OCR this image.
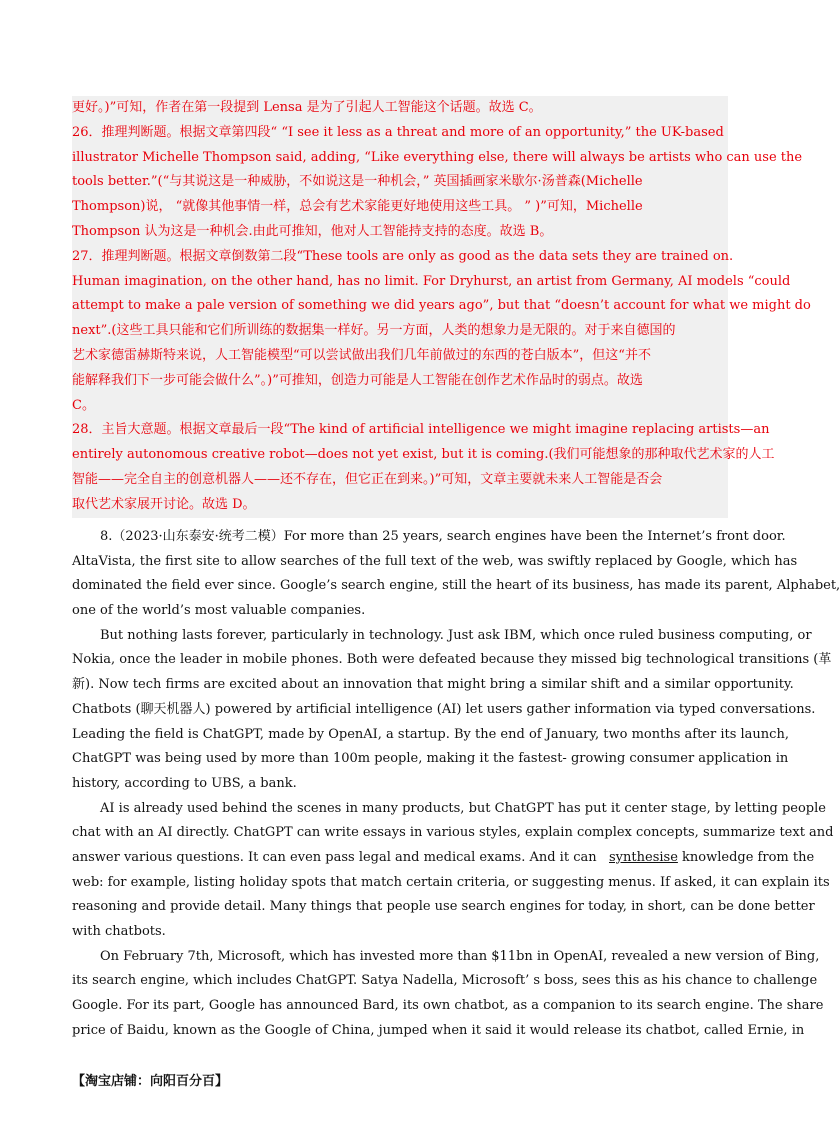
更好。)”可知，作者在第一段提到 Lensa 是为了引起人工智能这个话题。故选 C。
26．推理判断题。根据文章第四段“ “I see it less as a threat and more of an opportunity,” the UK-based
illustrator Michelle Thompson said, adding, “Like everything else, there will always be artists who can use the
tools better.”(“与其说这是一种威胁，不如说这是一种机会，” 英国插画家米歇尔·汤普森(Michelle
Thompson)说， “就像其他事情一样，总会有艺术家能更好地使用这些工具。 ” )”可知，Michelle
Thompson 认为这是一种机会.由此可推知，他对人工智能持支持的态度。故选 B。
27．推理判断题。根据文章倒数第二段“These tools are only as good as the data sets they are trained on.
Human imagination, on the other hand, has no limit. For Dryhurst, an artist from Germany, AI models “could
attempt to make a pale version of something we did years ago”, but that “doesn’t account for what we might do
next”.(这些工具只能和它们所训练的数据集一样好。另一方面，人类的想象力是无限的。对于来自德国的
艺术家德雷赫斯特来说，人工智能模型“可以尝试做出我们几年前做过的东西的苍白版本”，但这“并不
能解释我们下一步可能会做什么”。)”可推知，创造力可能是人工智能在创作艺术作品时的弱点。故选
C。
28．主旨大意题。根据文章最后一段“The kind of artificial intelligence we might imagine replacing artists—an
entirely autonomous creative robot—does not yet exist, but it is coming.(我们可能想象的那种取代艺术家的人工
智能——完全自主的创意机器人——还不存在，但它正在到来。)”可知，文章主要就未来人工智能是否会
取代艺术家展开讨论。故选 D。
8.（2023·山东泰安·统考二模）For more than 25 years, search engines have been the Internet’s front door.
AltaVista, the first site to allow searches of the full text of the web, was swiftly replaced by Google, which has
dominated the field ever since. Google’s search engine, still the heart of its business, has made its parent, Alphabet,
one of the world’s most valuable companies.
But nothing lasts forever, particularly in technology. Just ask IBM, which once ruled business computing, or
Nokia, once the leader in mobile phones. Both were defeated because they missed big technological transitions (革
新). Now tech firms are excited about an innovation that might bring a similar shift and a similar opportunity.
Chatbots (聊天机器人) powered by artificial intelligence (AI) let users gather information via typed conversations.
Leading the field is ChatGPT, made by OpenAI, a startup. By the end of January, two months after its launch,
ChatGPT was being used by more than 100m people, making it the fastest- growing consumer application in
history, according to UBS, a bank.
AI is already used behind the scenes in many products, but ChatGPT has put it center stage, by letting people
chat with an AI directly. ChatGPT can write essays in various styles, explain complex concepts, summarize text and
answer various questions. It can even pass legal and medical exams. And it can synthesise knowledge from the
web: for example, listing holiday spots that match certain criteria, or suggesting menus. If asked, it can explain its
reasoning and provide detail. Many things that people use search engines for today, in short, can be done better
with chatbots.
On February 7th, Microsoft, which has invested more than $11bn in OpenAI, revealed a new version of Bing,
its search engine, which includes ChatGPT. Satya Nadella, Microsoft’ s boss, sees this as his chance to challenge
Google. For its part, Google has announced Bard, its own chatbot, as a companion to its search engine. The share
price of Baidu, known as the Google of China, jumped when it said it would release its chatbot, called Ernie, in
【淘宝店铺：向阳百分百】
